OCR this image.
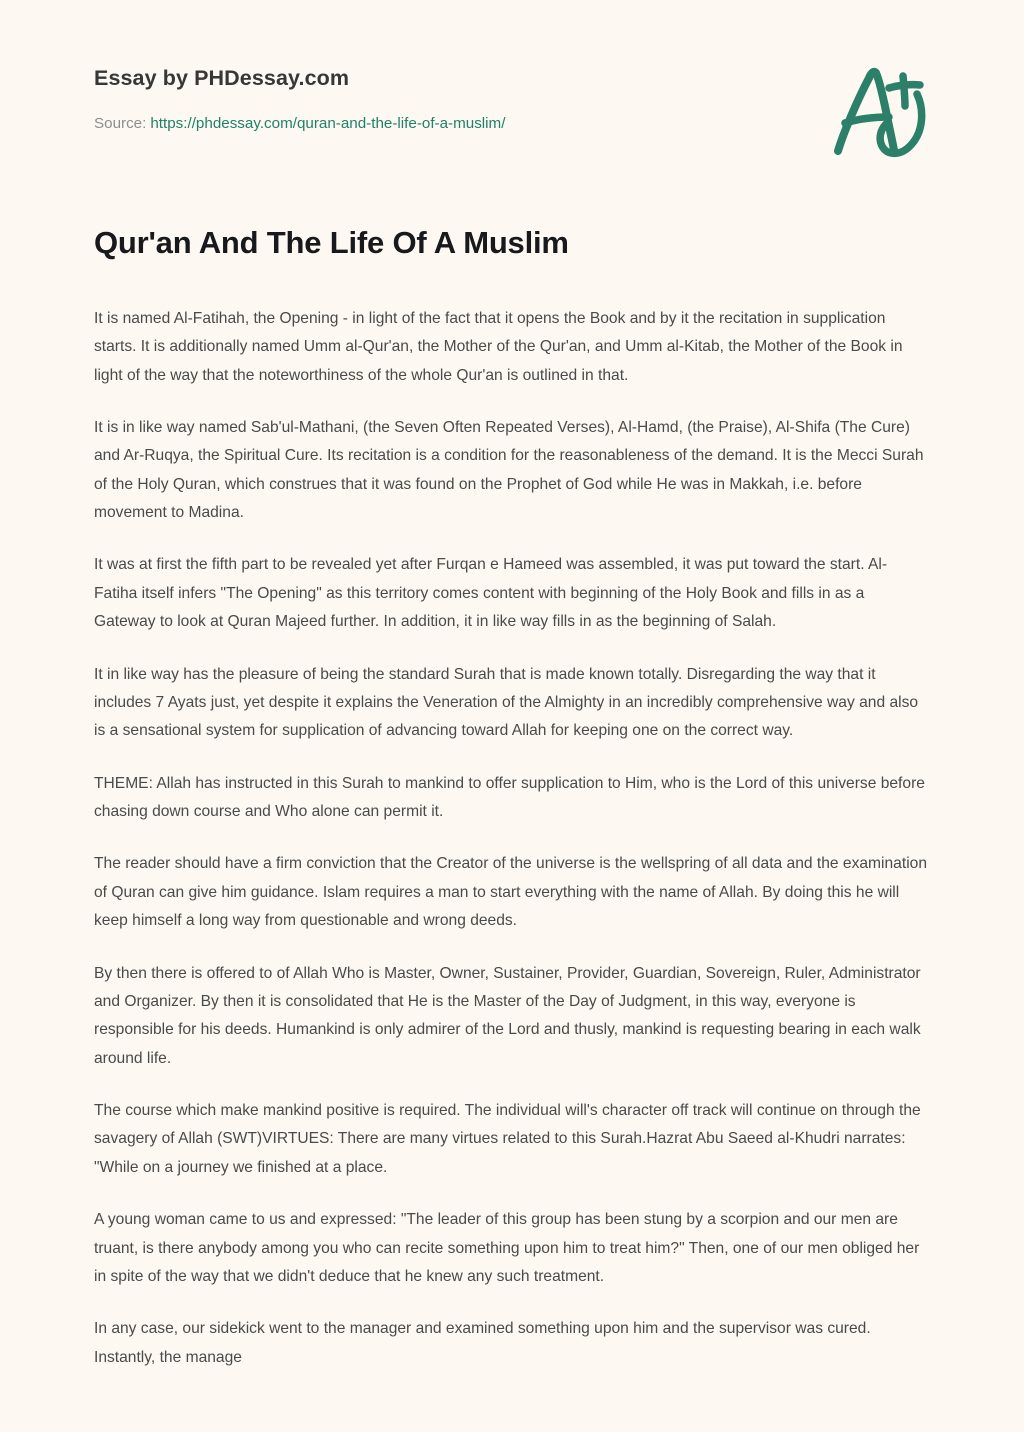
Essay by PHDessay.com
Source: https://phdessay.com/quran-and-the-life-of-a-muslim/
Qur'an And The Life Of A Muslim

It is named Al-Fatihah, the Opening - in light of the fact that it opens the Book and by it the recitation in supplication starts. It is additionally named Umm al-Qur'an, the Mother of the Qur'an, and Umm al-Kitab, the Mother of the Book in light of the way that the noteworthiness of the whole Qur'an is outlined in that.

It is in like way named Sab'ul-Mathani, (the Seven Often Repeated Verses), Al-Hamd, (the Praise), Al-Shifa (The Cure) and Ar-Ruqya, the Spiritual Cure. Its recitation is a condition for the reasonableness of the demand. It is the Mecci Surah of the Holy Quran, which construes that it was found on the Prophet of God while He was in Makkah, i.e. before movement to Madina.

It was at first the fifth part to be revealed yet after Furqan e Hameed was assembled, it was put toward the start. Al-Fatiha itself infers "The Opening" as this territory comes content with beginning of the Holy Book and fills in as a Gateway to look at Quran Majeed further. In addition, it in like way fills in as the beginning of Salah.

It in like way has the pleasure of being the standard Surah that is made known totally. Disregarding the way that it includes 7 Ayats just, yet despite it explains the Veneration of the Almighty in an incredibly comprehensive way and also is a sensational system for supplication of advancing toward Allah for keeping one on the correct way.

THEME: Allah has instructed in this Surah to mankind to offer supplication to Him, who is the Lord of this universe before chasing down course and Who alone can permit it.

The reader should have a firm conviction that the Creator of the universe is the wellspring of all data and the examination of Quran can give him guidance. Islam requires a man to start everything with the name of Allah. By doing this he will keep himself a long way from questionable and wrong deeds.

By then there is offered to of Allah Who is Master, Owner, Sustainer, Provider, Guardian, Sovereign, Ruler, Administrator and Organizer. By then it is consolidated that He is the Master of the Day of Judgment, in this way, everyone is responsible for his deeds. Humankind is only admirer of the Lord and thusly, mankind is requesting bearing in each walk around life.

The course which make mankind positive is required. The individual will's character off track will continue on through the savagery of Allah (SWT)VIRTUES: There are many virtues related to this Surah.Hazrat Abu Saeed al-Khudri narrates: "While on a journey we finished at a place.

A young woman came to us and expressed: "The leader of this group has been stung by a scorpion and our men are truant, is there anybody among you who can recite something upon him to treat him?" Then, one of our men obliged her in spite of the way that we didn't deduce that he knew any such treatment.

In any case, our sidekick went to the manager and examined something upon him and the supervisor was cured. Instantly, the manage
